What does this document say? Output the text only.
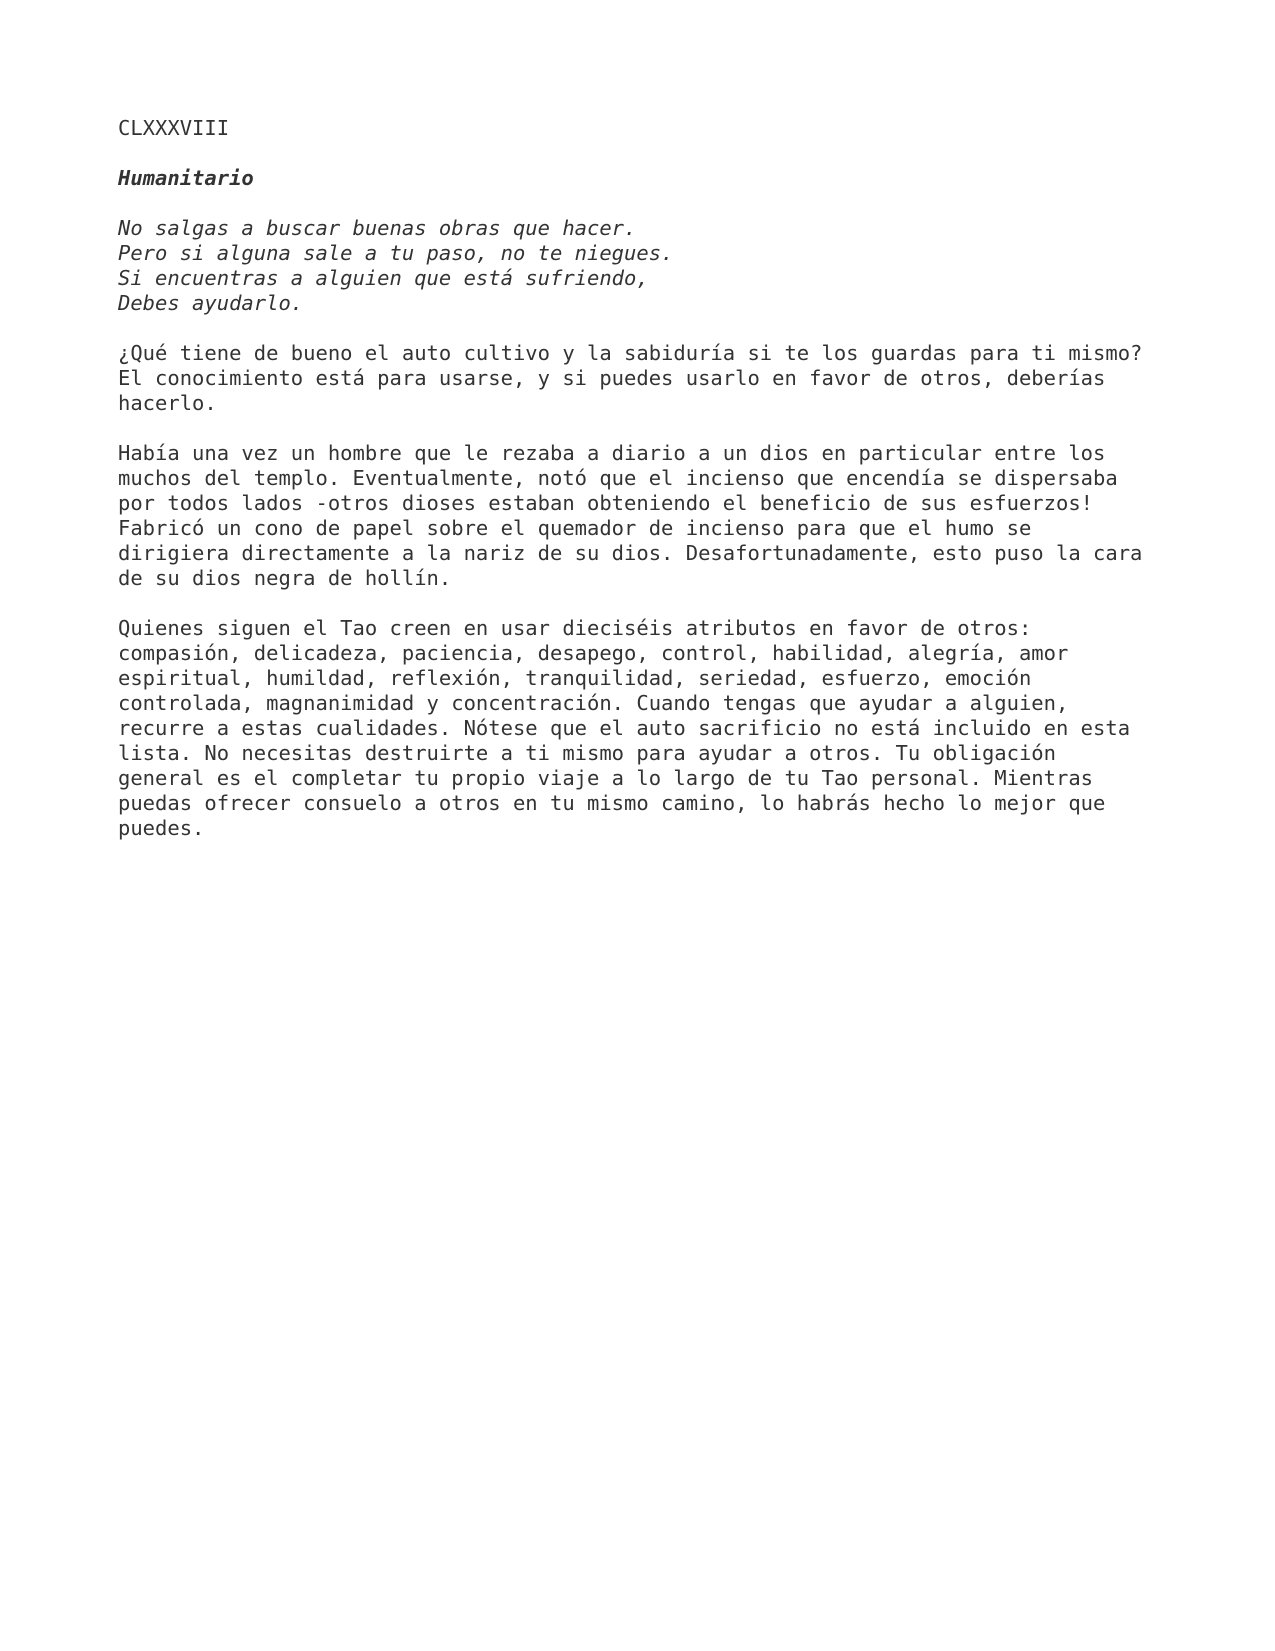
CLXXXVIII
Humanitario
No salgas a buscar buenas obras que hacer.
Pero si alguna sale a tu paso, no te niegues.
Si encuentras a alguien que está sufriendo,
Debes ayudarlo.
¿Qué tiene de bueno el auto cultivo y la sabiduría si te los guardas para ti mismo?
El conocimiento está para usarse, y si puedes usarlo en favor de otros, deberías
hacerlo.
Había una vez un hombre que le rezaba a diario a un dios en particular entre los
muchos del templo. Eventualmente, notó que el incienso que encendía se dispersaba
por todos lados -otros dioses estaban obteniendo el beneficio de sus esfuerzos!
Fabricó un cono de papel sobre el quemador de incienso para que el humo se
dirigiera directamente a la nariz de su dios. Desafortunadamente, esto puso la cara
de su dios negra de hollín.
Quienes siguen el Tao creen en usar dieciséis atributos en favor de otros:
compasión, delicadeza, paciencia, desapego, control, habilidad, alegría, amor
espiritual, humildad, reflexión, tranquilidad, seriedad, esfuerzo, emoción
controlada, magnanimidad y concentración. Cuando tengas que ayudar a alguien,
recurre a estas cualidades. Nótese que el auto sacrificio no está incluido en esta
lista. No necesitas destruirte a ti mismo para ayudar a otros. Tu obligación
general es el completar tu propio viaje a lo largo de tu Tao personal. Mientras
puedas ofrecer consuelo a otros en tu mismo camino, lo habrás hecho lo mejor que
puedes.
